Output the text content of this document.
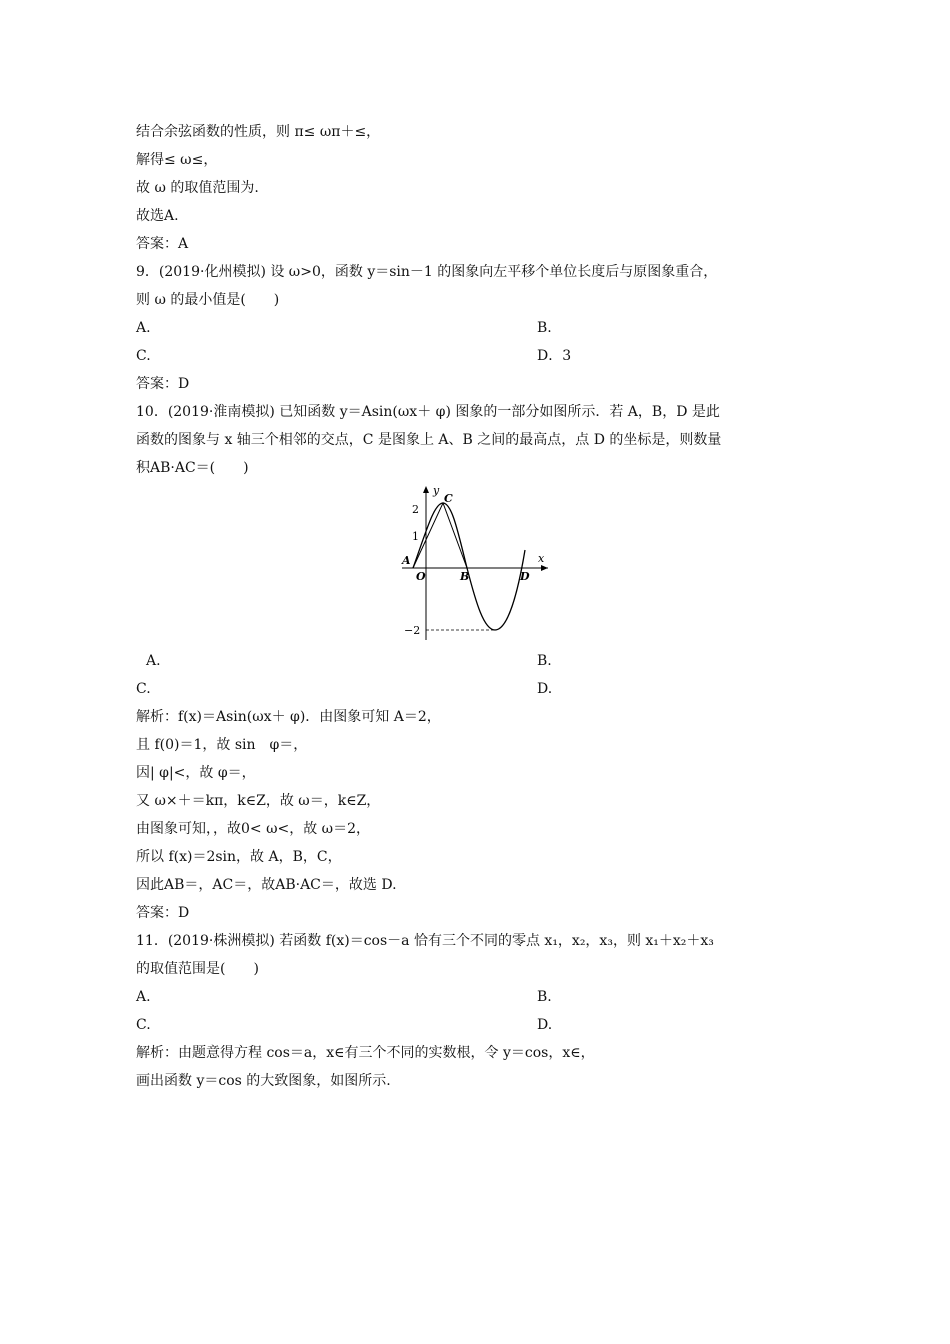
结合余弦函数的性质，则 π≤ ωπ＋≤，
解得≤ ω≤，
故 ω 的取值范围为.
故选A.
答案：A
9．(2019·化州模拟) 设 ω>0，函数 y＝sin－1 的图象向左平移个单位长度后与原图象重合，
则 ω 的最小值是(　　)
A.	B.
C.	D．3
答案：D
10．(2019·淮南模拟) 已知函数 y＝Asin(ωx＋ φ) 图象的一部分如图所示．若 A，B，D 是此
函数的图象与 x 轴三个相邻的交点，C 是图象上 A、B 之间的最高点，点 D 的坐标是，则数量
积AB·AC＝(　　)
y
x
2
1
−2
A
O	B
C
D
A.	B.
C.	D.
解析：f(x)＝Asin(ωx＋ φ)．由图象可知 A＝2，
且 f(0)＝1，故 sin　φ＝，
因| φ|<，故 φ＝，
又 ω×＋＝kπ，k∈Z，故 ω＝，k∈Z，
由图象可知，，故0< ω<，故 ω＝2，
所以 f(x)＝2sin，故 A，B，C，
因此AB＝，AC＝，故AB·AC＝，故选 D.
答案：D
11．(2019·株洲模拟) 若函数 f(x)＝cos－a 恰有三个不同的零点 x₁，x₂，x₃，则 x₁＋x₂＋x₃
的取值范围是(　　)
A.	B.
C.	D.
解析：由题意得方程 cos＝a，x∈有三个不同的实数根，令 y＝cos，x∈，
画出函数 y＝cos 的大致图象，如图所示.
